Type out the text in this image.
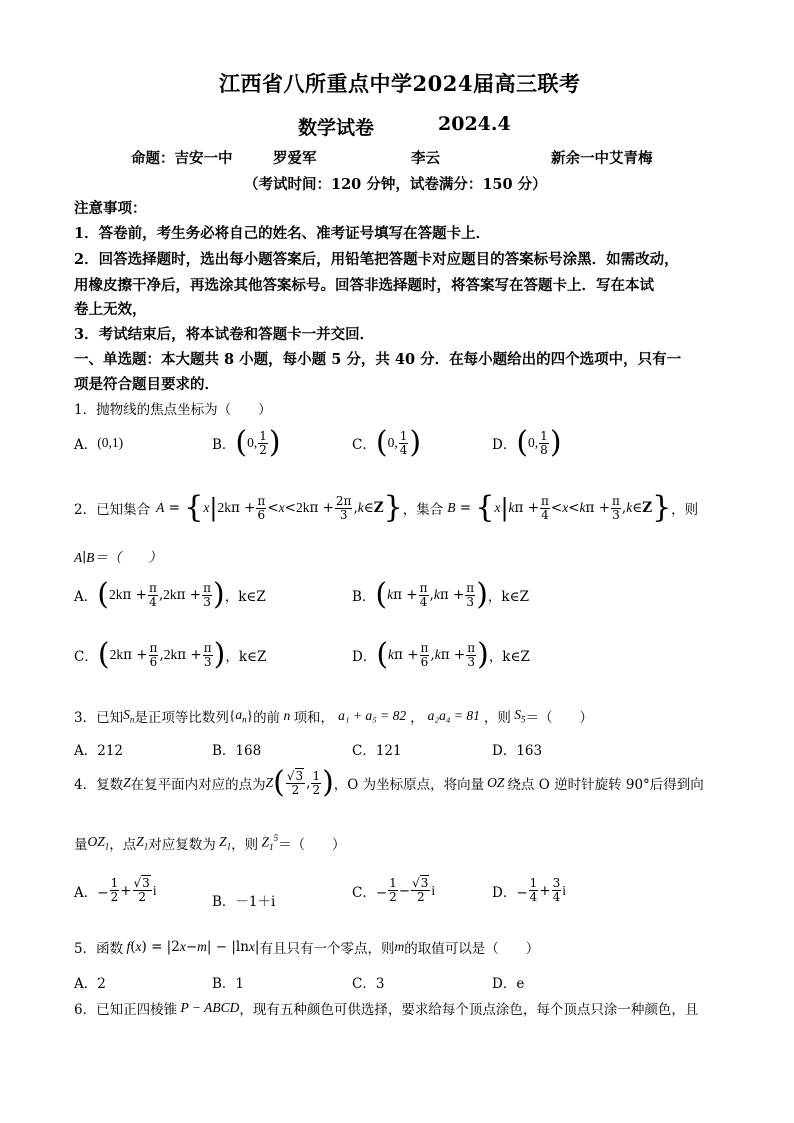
江西省八所重点中学2024届高三联考
数学试卷	2024.4
命题：吉安一中	罗爱军	李云	新余一中艾青梅
（考试时间：120 分钟，试卷满分：150 分）
注意事项：
1．答卷前，考生务必将自己的姓名、准考证号填写在答题卡上．
2．回答选择题时，选出每小题答案后，用铅笔把答题卡对应题目的答案标号涂黑．如需改动，
用橡皮擦干净后，再选涂其他答案标号。回答非选择题时，将答案写在答题卡上．写在本试
卷上无效，
3．考试结束后，将本试卷和答题卡一并交回．
一、单选题：本大题共 8 小题，每小题 5 分，共 40 分．在每小题给出的四个选项中，只有一
项是符合题目要求的．
1．抛物线的焦点坐标为（　　）
A． (0,1)	B． ( 0, $\frac{1}{2}$ )	C． ( 0, $\frac{1}{4}$ )	D． ( 0, $\frac{1}{8}$ )
2．已知集合 A = { x | 2k $\pi + \frac{\pi}{6} < x < 2k$ $\pi + \frac{2\pi}{3}$ , k ∈ Z } ，集合 B = { x | k $\pi + \frac{\pi}{4} < x < k$ $\pi + \frac{\pi}{3}$ , k ∈ Z } ，则
A∣B＝（　　）
A． ( 2k $\pi + \frac{\pi}{4}$ , 2k $\pi + \frac{\pi}{3}$ ) ，k∈Z	B． ( k $\pi + \frac{\pi}{4}$ , k $\pi + \frac{\pi}{3}$ ) ，k∈Z
C． ( 2k $\pi + \frac{\pi}{6}$ , 2k $\pi + \frac{\pi}{3}$ ) ，k∈Z	D． ( k $\pi + \frac{\pi}{6}$ , k $\pi + \frac{\pi}{3}$ ) ，k∈Z
3．已知 $S_n$ 是正项等比数列 { $a_n$ } 的前 n 项和， a₁ + a₅ = 82 ， a₂a₄ = 81 ，则 $S_5$ ＝（　　）
A．212	B．168	C．121	D．163
4．复数 Z 在复平面内对应的点为 Z ( $\frac{√3}{2}$ , $\frac{1}{2}$ ) ，O 为坐标原点，将向量 OZ 绕点 O 逆时针旋转 90°后得到向
量 $OZ_1$ ，点 $Z_1$ 对应复数为 $Z_1$ ，则 $Z_1^5$ ＝（　　）
A．− $\frac{1}{2} + \frac{√3}{2}$ i
B．－1＋i
C．− $\frac{1}{2} - \frac{√3}{2}$ i	D．− $\frac{1}{4} + \frac{3}{4}$ i
5．函数 f ( x ) = |2 x − m | − |ln x | 有且只有一个零点，则 m 的取值可以是（　　）
A．2	B．1	C．3	D．e
6．已知正四棱锥 P − ABCD ，现有五种颜色可供选择，要求给每个顶点涂色，每个顶点只涂一种颜色，且
